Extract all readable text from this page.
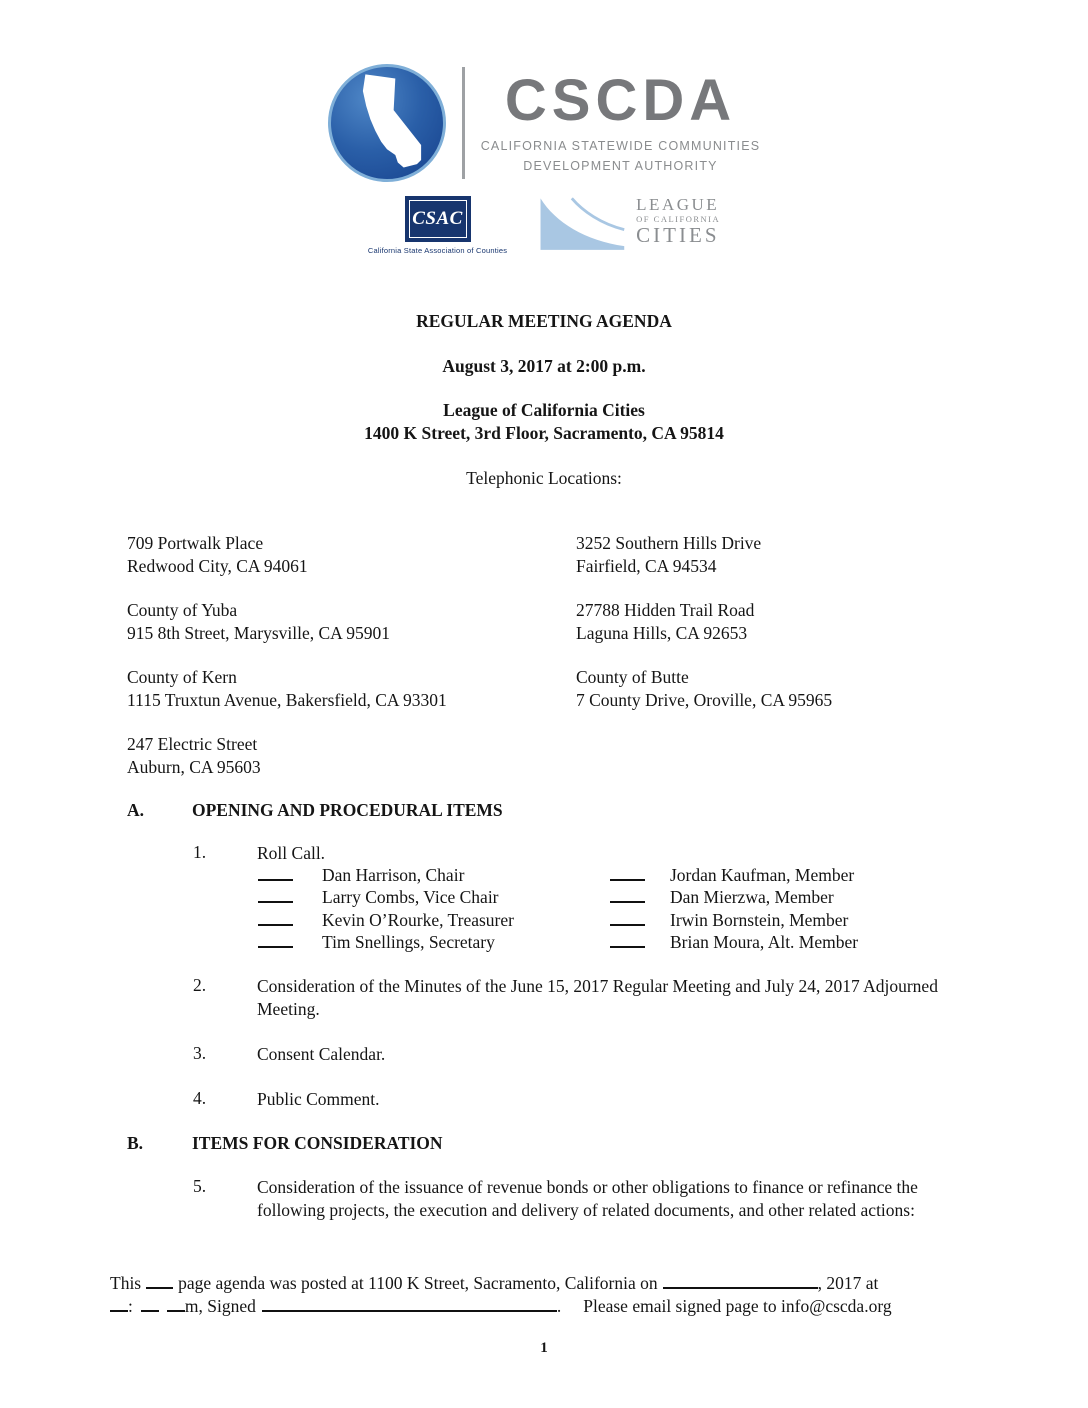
CSCDA
CALIFORNIA STATEWIDE COMMUNITIES
DEVELOPMENT AUTHORITY
CSAC
California State Association of Counties
LEAGUE
OF CALIFORNIA
CITIES
REGULAR MEETING AGENDA
August 3, 2017 at 2:00 p.m.
League of California Cities
1400 K Street, 3rd Floor, Sacramento, CA 95814
Telephonic Locations:
709 Portwalk Place
Redwood City, CA 94061
3252 Southern Hills Drive
Fairfield, CA 94534
County of Yuba
915 8th Street, Marysville, CA 95901
27788 Hidden Trail Road
Laguna Hills, CA 92653
County of Kern
1115 Truxtun Avenue, Bakersfield, CA 93301
County of Butte
7 County Drive, Oroville, CA 95965
247 Electric Street
Auburn, CA 95603
A.	OPENING AND PROCEDURAL ITEMS
1.	Roll Call.
Dan Harrison, Chair	Jordan Kaufman, Member
Larry Combs, Vice Chair	Dan Mierzwa, Member
Kevin O’Rourke, Treasurer	Irwin Bornstein, Member
Tim Snellings, Secretary	Brian Moura, Alt. Member
2.	Consideration of the Minutes of the June 15, 2017 Regular Meeting and July 24, 2017 Adjourned Meeting.
3.	Consent Calendar.
4.	Public Comment.
B.	ITEMS FOR CONSIDERATION
5.	Consideration of the issuance of revenue bonds or other obligations to finance or refinance the following projects, the execution and delivery of related documents, and other related actions:
This page agenda was posted at 1100 K Street, Sacramento, California on	, 2017 at
:	m, Signed	. Please email signed page to info@cscda.org
1
